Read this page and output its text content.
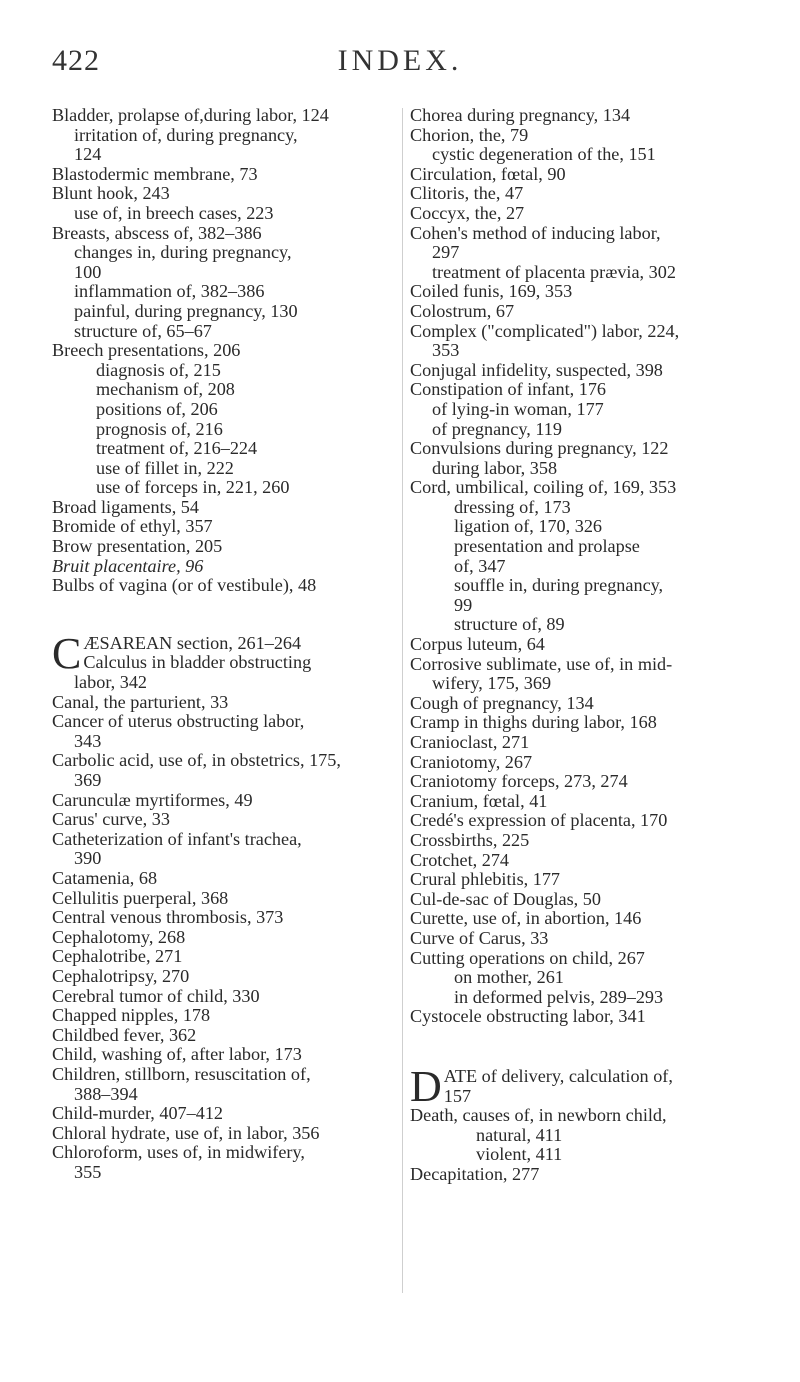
422	INDEX.
Bladder, prolapse of,during labor, 124
irritation of, during pregnancy,
124
Blastodermic membrane, 73
Blunt hook, 243
use of, in breech cases, 223
Breasts, abscess of, 382–386
changes in, during pregnancy,
100
inflammation of, 382–386
painful, during pregnancy, 130
structure of, 65–67
Breech presentations, 206
diagnosis of, 215
mechanism of, 208
positions of, 206
prognosis of, 216
treatment of, 216–224
use of fillet in, 222
use of forceps in, 221, 260
Broad ligaments, 54
Bromide of ethyl, 357
Brow presentation, 205
Bruit placentaire, 96
Bulbs of vagina (or of vestibule), 48
CÆSAREAN section, 261–264
Calculus in bladder obstructing
labor, 342
Canal, the parturient, 33
Cancer of uterus obstructing labor,
343
Carbolic acid, use of, in obstetrics, 175,
369
Carunculæ myrtiformes, 49
Carus' curve, 33
Catheterization of infant's trachea,
390
Catamenia, 68
Cellulitis puerperal, 368
Central venous thrombosis, 373
Cephalotomy, 268
Cephalotribe, 271
Cephalotripsy, 270
Cerebral tumor of child, 330
Chapped nipples, 178
Childbed fever, 362
Child, washing of, after labor, 173
Children, stillborn, resuscitation of,
388–394
Child-murder, 407–412
Chloral hydrate, use of, in labor, 356
Chloroform, uses of, in midwifery,
355
Chorea during pregnancy, 134
Chorion, the, 79
cystic degeneration of the, 151
Circulation, fœtal, 90
Clitoris, the, 47
Coccyx, the, 27
Cohen's method of inducing labor,
297
treatment of placenta prævia, 302
Coiled funis, 169, 353
Colostrum, 67
Complex ("complicated") labor, 224,
353
Conjugal infidelity, suspected, 398
Constipation of infant, 176
of lying-in woman, 177
of pregnancy, 119
Convulsions during pregnancy, 122
during labor, 358
Cord, umbilical, coiling of, 169, 353
dressing of, 173
ligation of, 170, 326
presentation and prolapse
of, 347
souffle in, during pregnancy,
99
structure of, 89
Corpus luteum, 64
Corrosive sublimate, use of, in mid-
wifery, 175, 369
Cough of pregnancy, 134
Cramp in thighs during labor, 168
Cranioclast, 271
Craniotomy, 267
Craniotomy forceps, 273, 274
Cranium, fœtal, 41
Credé's expression of placenta, 170
Crossbirths, 225
Crotchet, 274
Crural phlebitis, 177
Cul-de-sac of Douglas, 50
Curette, use of, in abortion, 146
Curve of Carus, 33
Cutting operations on child, 267
on mother, 261
in deformed pelvis, 289–293
Cystocele obstructing labor, 341
DATE of delivery, calculation of,
157
Death, causes of, in newborn child,
natural, 411
violent, 411
Decapitation, 277
